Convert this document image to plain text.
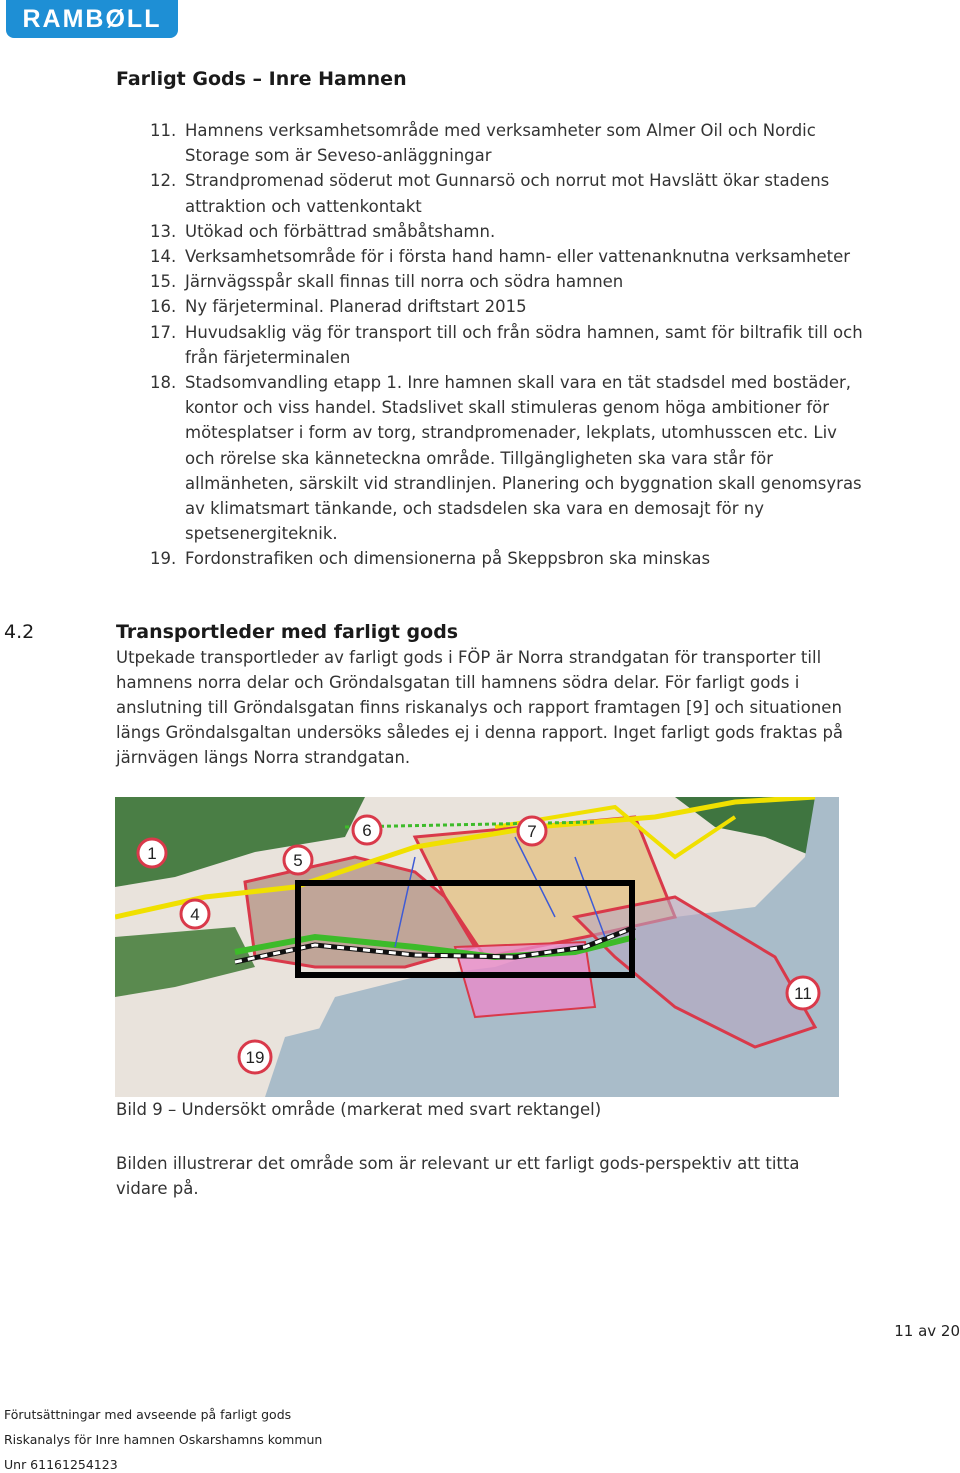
RAMBØLL
Farligt Gods – Inre Hamnen
11. Hamnens verksamhetsområde med verksamheter som Almer Oil och Nordic Storage som är Seveso-anläggningar
12. Strandpromenad söderut mot Gunnarsö och norrut mot Havslätt ökar stadens attraktion och vattenkontakt
13. Utökad och förbättrad småbåtshamn.
14. Verksamhetsområde för i första hand hamn- eller vattenanknutna verksamheter
15. Järnvägsspår skall finnas till norra och södra hamnen
16. Ny färjeterminal. Planerad driftstart 2015
17. Huvudsaklig väg för transport till och från södra hamnen, samt för biltrafik till och från färjeterminalen
18. Stadsomvandling etapp 1. Inre hamnen skall vara en tät stadsdel med bostäder, kontor och viss handel. Stadslivet skall stimuleras genom höga ambitioner för mötesplatser i form av torg, strandpromenader, lekplats, utomhusscen etc. Liv och rörelse ska känneteckna område. Tillgängligheten ska vara står för allmänheten, särskilt vid strandlinjen. Planering och byggnation skall genomsyras av klimatsmart tänkande, och stadsdelen ska vara en demosajt för ny spetsenergiteknik.
19. Fordonstrafiken och dimensionerna på Skeppsbron ska minskas
4.2	Transportleder med farligt gods

Utpekade transportleder av farligt gods i FÖP är Norra strandgatan för transporter till hamnens norra delar och Gröndalsgatan till hamnens södra delar. För farligt gods i anslutning till Gröndalsgatan finns riskanalys och rapport framtagen [9] och situationen längs Gröndalsgaltan undersöks således ej i denna rapport. Inget farligt gods fraktas på järnvägen längs Norra strandgatan.

1
4
5
6	7
11
19
Bild 9 – Undersökt område (markerat med svart rektangel)

Bilden illustrerar det område som är relevant ur ett farligt gods-perspektiv att titta vidare på.

11 av 20
Förutsättningar med avseende på farligt gods
Riskanalys för Inre hamnen Oskarshamns kommun
Unr 61161254123
